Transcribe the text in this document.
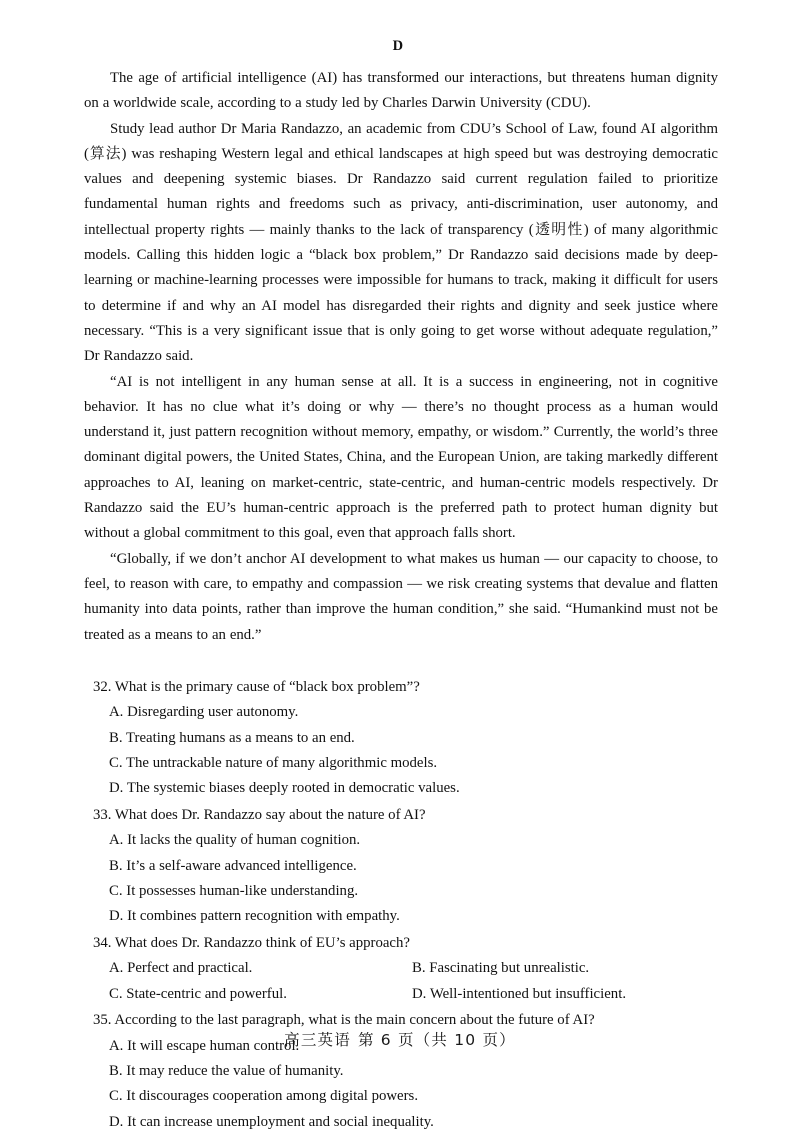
D

The age of artificial intelligence (AI) has transformed our interactions, but threatens human dignity on a worldwide scale, according to a study led by Charles Darwin University (CDU).

Study lead author Dr Maria Randazzo, an academic from CDU’s School of Law, found AI algorithm (算法) was reshaping Western legal and ethical landscapes at high speed but was destroying democratic values and deepening systemic biases. Dr Randazzo said current regulation failed to prioritize fundamental human rights and freedoms such as privacy, anti-discrimination, user autonomy, and intellectual property rights — mainly thanks to the lack of transparency (透明性) of many algorithmic models. Calling this hidden logic a “black box problem,” Dr Randazzo said decisions made by deep-learning or machine-learning processes were impossible for humans to track, making it difficult for users to determine if and why an AI model has disregarded their rights and dignity and seek justice where necessary. “This is a very significant issue that is only going to get worse without adequate regulation,” Dr Randazzo said.

“AI is not intelligent in any human sense at all. It is a success in engineering, not in cognitive behavior. It has no clue what it’s doing or why — there’s no thought process as a human would understand it, just pattern recognition without memory, empathy, or wisdom.” Currently, the world’s three dominant digital powers, the United States, China, and the European Union, are taking markedly different approaches to AI, leaning on market-centric, state-centric, and human-centric models respectively. Dr Randazzo said the EU’s human-centric approach is the preferred path to protect human dignity but without a global commitment to this goal, even that approach falls short.

“Globally, if we don’t anchor AI development to what makes us human — our capacity to choose, to feel, to reason with care, to empathy and compassion — we risk creating systems that devalue and flatten humanity into data points, rather than improve the human condition,” she said. “Humankind must not be treated as a means to an end.”

32. What is the primary cause of “black box problem”?
A. Disregarding user autonomy.
B. Treating humans as a means to an end.
C. The untrackable nature of many algorithmic models.
D. The systemic biases deeply rooted in democratic values.
33. What does Dr. Randazzo say about the nature of AI?
A. It lacks the quality of human cognition.
B. It’s a self-aware advanced intelligence.
C. It possesses human-like understanding.
D. It combines pattern recognition with empathy.
34. What does Dr. Randazzo think of EU’s approach?
A. Perfect and practical.	B. Fascinating but unrealistic.
C. State-centric and powerful.	D. Well-intentioned but insufficient.
35. According to the last paragraph, what is the main concern about the future of AI?
A. It will escape human control.
B. It may reduce the value of humanity.
C. It discourages cooperation among digital powers.
D. It can increase unemployment and social inequality.
高三英语 第 6 页（共 10 页）
